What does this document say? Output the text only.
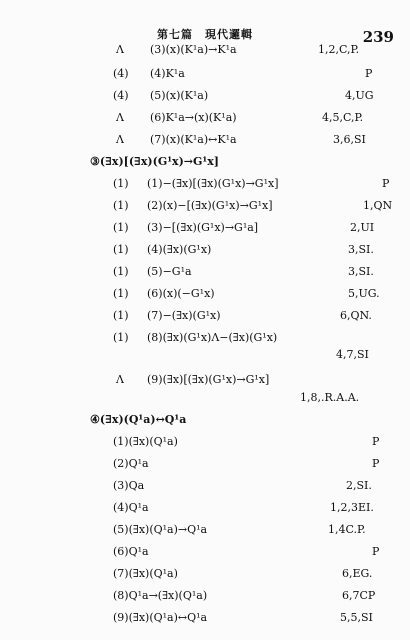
第七篇　現代邏輯	239
Λ (3)(x)(K¹a)→K¹a	1,2,C,P.
(4) (4)K¹a	P
(4) (5)(x)(K¹a)	4,UG
Λ (6)K¹a→(x)(K¹a)	4,5,C,P.
Λ (7)(x)(K¹a)↔K¹a	3,6,SI
③(∃x)[(∃x)(G¹x)→G¹x]
(1) (1)−(∃x)[(∃x)(G¹x)→G¹x]	P
(1) (2)(x)−[(∃x)(G¹x)→G¹x]	1,QN
(1) (3)−[(∃x)(G¹x)→G¹a]	2,UI
(1) (4)(∃x)(G¹x)	3,SI.
(1) (5)−G¹a	3,SI.
(1) (6)(x)(−G¹x)	5,UG.
(1) (7)−(∃x)(G¹x)	6,QN.
(1) (8)(∃x)(G¹x)Λ−(∃x)(G¹x)
4,7,SI
Λ (9)(∃x)[(∃x)(G¹x)→G¹x]
1,8,.R.A.A.
④(∃x)(Q¹a)↔Q¹a
(1)(∃x)(Q¹a)	P
(2)Q¹a	P
(3)Qa	2,SI.
(4)Q¹a	1,2,3EI.
(5)(∃x)(Q¹a)→Q¹a	1,4C.P.
(6)Q¹a	P
(7)(∃x)(Q¹a)	6,EG.
(8)Q¹a→(∃x)(Q¹a)	6,7CP
(9)(∃x)(Q¹a)↔Q¹a	5,5,SI
